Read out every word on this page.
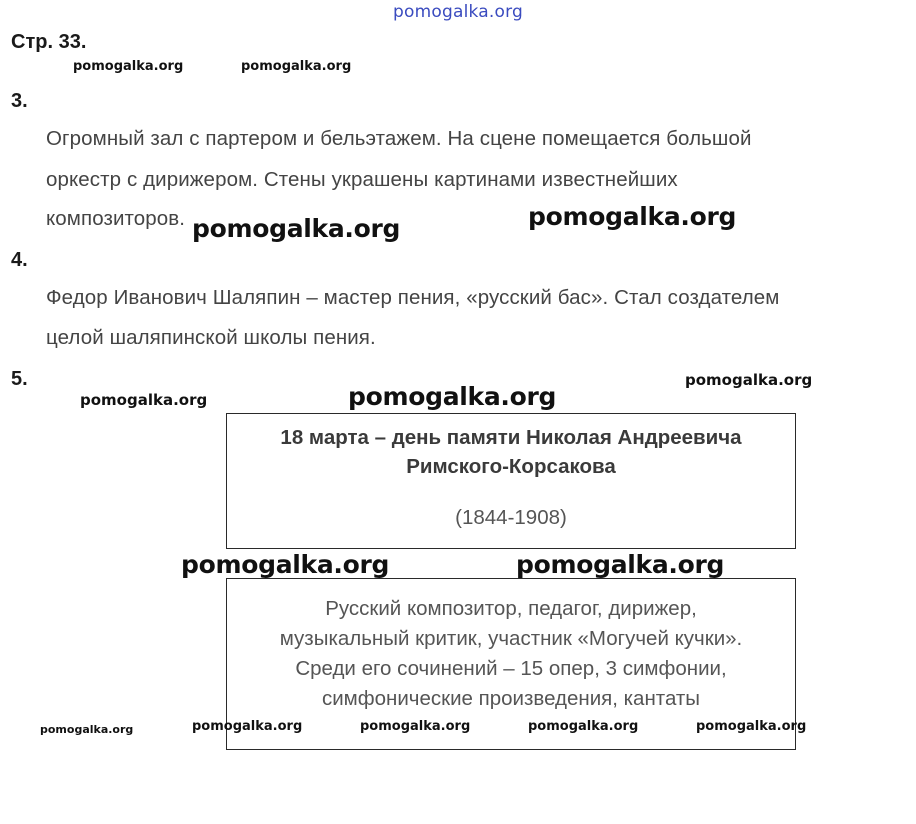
pomogalka.org
Стр. 33.
3.
Огромный зал с партером и бельэтажем. На сцене помещается большой
оркестр с дирижером. Стены украшены картинами известнейших
композиторов.
4.
Федор Иванович Шаляпин – мастер пения, «русский бас». Стал создателем
целой шаляпинской школы пения.
5.
18 марта – день памяти Николая Андреевича
Римского-Корсакова
(1844-1908)
Русский композитор, педагог, дирижер,
музыкальный критик, участник «Могучей кучки».
Среди его сочинений – 15 опер, 3 симфонии,
симфонические произведения, кантаты
pomogalka.org	pomogalka.org
pomogalka.org	pomogalka.org
pomogalka.org
pomogalka.org	pomogalka.org
pomogalka.org	pomogalka.org
pomogalka.org	pomogalka.org	pomogalka.org	pomogalka.org	pomogalka.org
